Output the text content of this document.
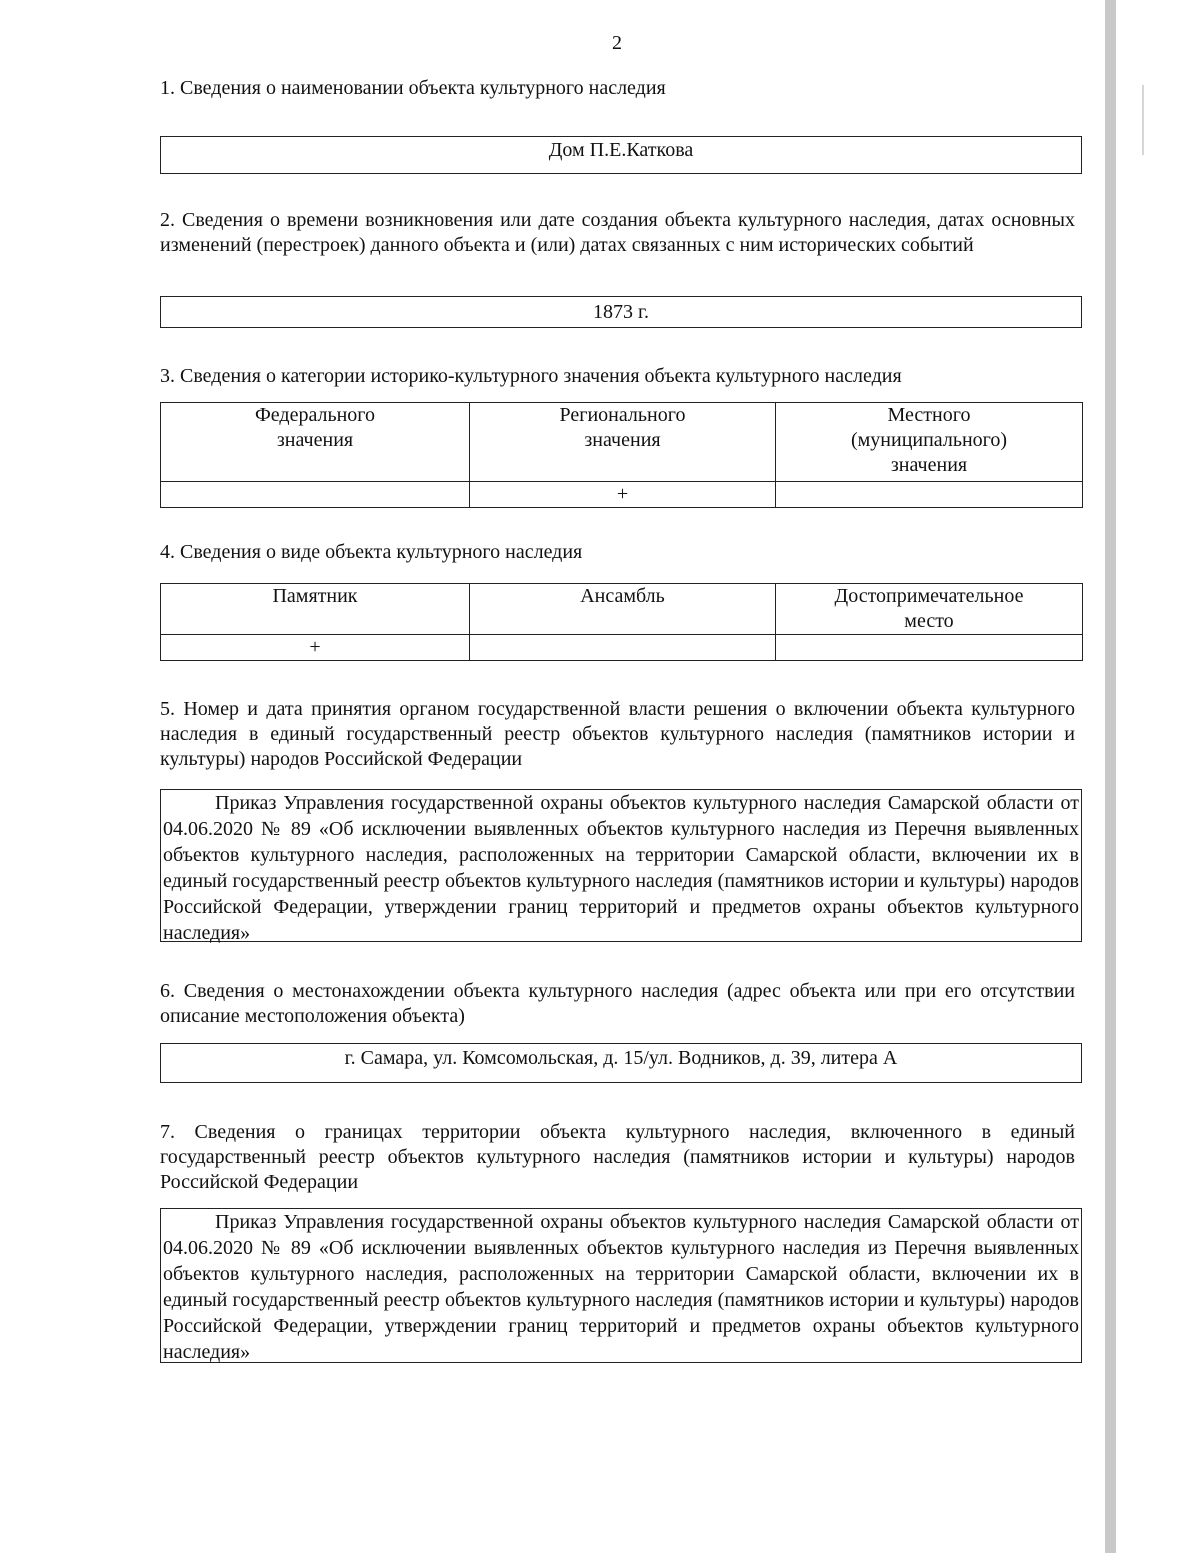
2
1. Сведения о наименовании объекта культурного наследия
Дом П.Е.Каткова
2. Сведения о времени возникновения или дате создания объекта культурного наследия, датах основных изменений (перестроек) данного объекта и (или) датах связанных с ним исторических событий
1873 г.
3. Сведения о категории историко-культурного значения объекта культурного наследия
Федерального значения	Регионального значения	Местного (муниципального) значения

	+	
4. Сведения о виде объекта культурного наследия
Памятник	Ансамбль	Достопримечательное место

+		
5. Номер и дата принятия органом государственной власти решения о включении объекта культурного наследия в единый государственный реестр объектов культурного наследия (памятников истории и культуры) народов Российской Федерации
Приказ Управления государственной охраны объектов культурного наследия Самарской области от 04.06.2020 № 89 «Об исключении выявленных объектов культурного наследия из Перечня выявленных объектов культурного наследия, расположенных на территории Самарской области, включении их в единый государственный реестр объектов культурного наследия (памятников истории и культуры) народов Российской Федерации, утверждении границ территорий и предметов охраны объектов культурного наследия»
6. Сведения о местонахождении объекта культурного наследия (адрес объекта или при его отсутствии описание местоположения объекта)
г. Самара, ул. Комсомольская, д. 15/ул. Водников, д. 39, литера А
7. Сведения о границах территории объекта культурного наследия, включенного в единый государственный реестр объектов культурного наследия (памятников истории и культуры) народов Российской Федерации
Приказ Управления государственной охраны объектов культурного наследия Самарской области от 04.06.2020 № 89 «Об исключении выявленных объектов культурного наследия из Перечня выявленных объектов культурного наследия, расположенных на территории Самарской области, включении их в единый государственный реестр объектов культурного наследия (памятников истории и культуры) народов Российской Федерации, утверждении границ территорий и предметов охраны объектов культурного наследия»
